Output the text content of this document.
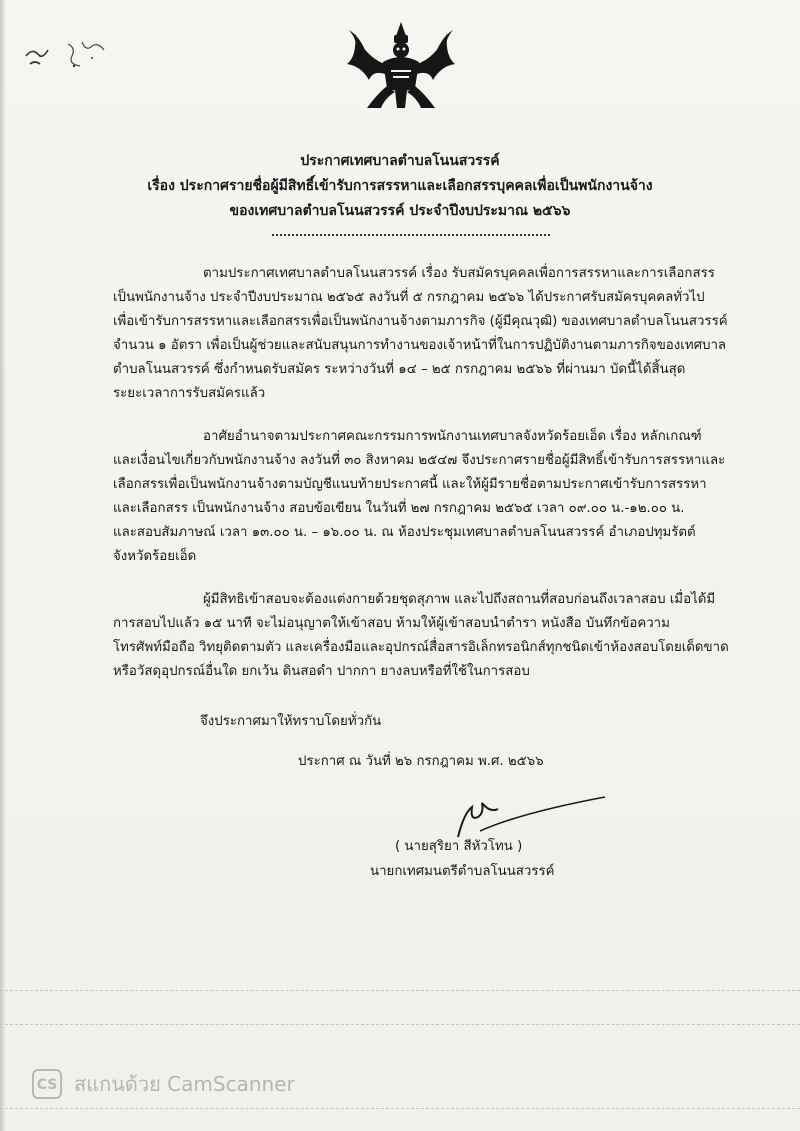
ประกาศเทศบาลตำบลโนนสวรรค์
เรื่อง ประกาศรายชื่อผู้มีสิทธิ์เข้ารับการสรรหาและเลือกสรรบุคคลเพื่อเป็นพนักงานจ้าง
ของเทศบาลตำบลโนนสวรรค์ ประจำปีงบประมาณ ๒๕๖๖
ตามประกาศเทศบาลตำบลโนนสวรรค์ เรื่อง รับสมัครบุคคลเพื่อการสรรหาและการเลือกสรร
เป็นพนักงานจ้าง ประจำปีงบประมาณ ๒๕๖๕ ลงวันที่ ๕ กรกฎาคม ๒๕๖๖ ได้ประกาศรับสมัครบุคคลทั่วไป
เพื่อเข้ารับการสรรหาและเลือกสรรเพื่อเป็นพนักงานจ้างตามภารกิจ (ผู้มีคุณวุฒิ) ของเทศบาลตำบลโนนสวรรค์
จำนวน ๑ อัตรา เพื่อเป็นผู้ช่วยและสนับสนุนการทำงานของเจ้าหน้าที่ในการปฏิบัติงานตามภารกิจของเทศบาล
ตำบลโนนสวรรค์ ซึ่งกำหนดรับสมัคร ระหว่างวันที่ ๑๔ – ๒๕ กรกฎาคม ๒๕๖๖ ที่ผ่านมา บัดนี้ได้สิ้นสุด
ระยะเวลาการรับสมัครแล้ว
อาศัยอำนาจตามประกาศคณะกรรมการพนักงานเทศบาลจังหวัดร้อยเอ็ด เรื่อง หลักเกณฑ์
และเงื่อนไขเกี่ยวกับพนักงานจ้าง ลงวันที่ ๓๐ สิงหาคม ๒๕๔๗ จึงประกาศรายชื่อผู้มีสิทธิ์เข้ารับการสรรหาและ
เลือกสรรเพื่อเป็นพนักงานจ้างตามบัญชีแนบท้ายประกาศนี้ และให้ผู้มีรายชื่อตามประกาศเข้ารับการสรรหา
และเลือกสรร เป็นพนักงานจ้าง สอบข้อเขียน ในวันที่ ๒๗ กรกฎาคม ๒๕๖๕ เวลา ๐๙.๐๐ น.-๑๒.๐๐ น.
และสอบสัมภาษณ์ เวลา ๑๓.๐๐ น. – ๑๖.๐๐ น. ณ ห้องประชุมเทศบาลตำบลโนนสวรรค์ อำเภอปทุมรัตต์
จังหวัดร้อยเอ็ด
ผู้มีสิทธิเข้าสอบจะต้องแต่งกายด้วยชุดสุภาพ และไปถึงสถานที่สอบก่อนถึงเวลาสอบ เมื่อได้มี
การสอบไปแล้ว ๑๕ นาที จะไม่อนุญาตให้เข้าสอบ ห้ามให้ผู้เข้าสอบนำตำรา หนังสือ บันทึกข้อความ
โทรศัพท์มือถือ วิทยุติดตามตัว และเครื่องมือและอุปกรณ์สื่อสารอิเล็กทรอนิกส์ทุกชนิดเข้าห้องสอบโดยเด็ดขาด
หรือวัสดุอุปกรณ์อื่นใด ยกเว้น ดินสอดำ ปากกา ยางลบหรือที่ใช้ในการสอบ
จึงประกาศมาให้ทราบโดยทั่วกัน
ประกาศ ณ วันที่ ๒๖ กรกฎาคม พ.ศ. ๒๕๖๖
( นายสุริยา สีหัวโทน )
นายกเทศมนตรีตำบลโนนสวรรค์
CS สแกนด้วย CamScanner
